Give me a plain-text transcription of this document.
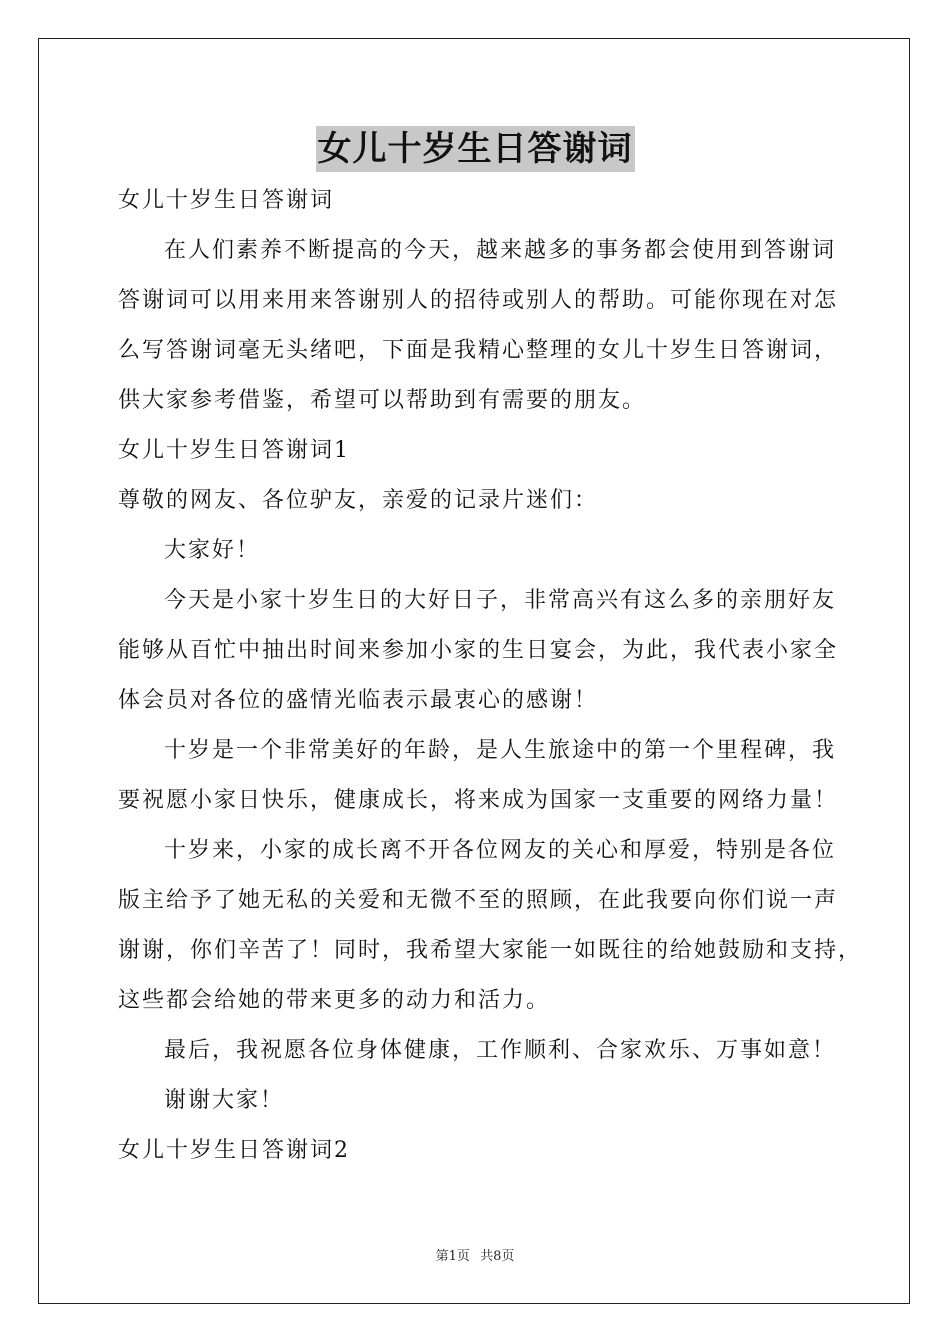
女儿十岁生日答谢词
女儿十岁生日答谢词
在人们素养不断提高的今天，越来越多的事务都会使用到答谢词
答谢词可以用来用来答谢别人的招待或别人的帮助。可能你现在对怎
么写答谢词毫无头绪吧，下面是我精心整理的女儿十岁生日答谢词，
供大家参考借鉴，希望可以帮助到有需要的朋友。
女儿十岁生日答谢词1
尊敬的网友、各位驴友，亲爱的记录片迷们：
大家好！
今天是小家十岁生日的大好日子，非常高兴有这么多的亲朋好友
能够从百忙中抽出时间来参加小家的生日宴会，为此，我代表小家全
体会员对各位的盛情光临表示最衷心的感谢！
十岁是一个非常美好的年龄，是人生旅途中的第一个里程碑，我
要祝愿小家日快乐，健康成长，将来成为国家一支重要的网络力量！
十岁来，小家的成长离不开各位网友的关心和厚爱，特别是各位
版主给予了她无私的关爱和无微不至的照顾，在此我要向你们说一声
谢谢，你们辛苦了！同时，我希望大家能一如既往的给她鼓励和支持，
这些都会给她的带来更多的动力和活力。
最后，我祝愿各位身体健康，工作顺利、合家欢乐、万事如意！
谢谢大家！
女儿十岁生日答谢词2
第1页 共8页
